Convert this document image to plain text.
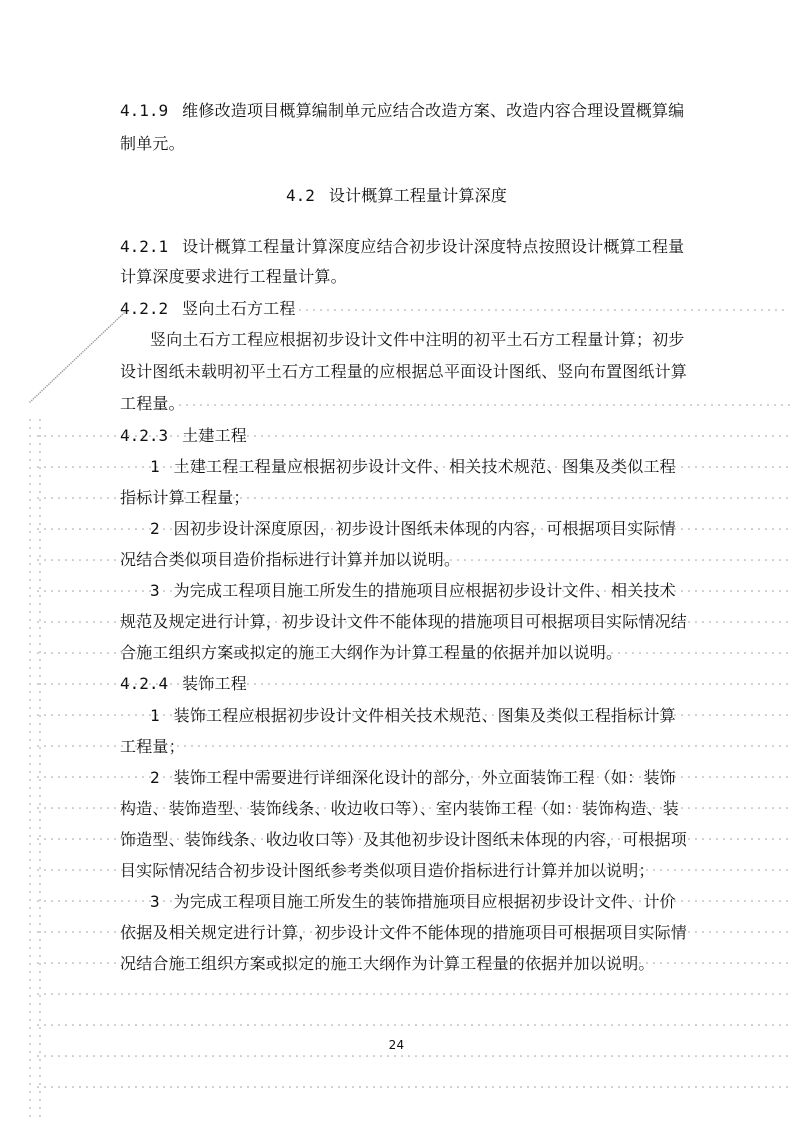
4.1.9 维修改造项目概算编制单元应结合改造方案、改造内容合理设置概算编
制单元。
4.2 设计概算工程量计算深度
4.2.1 设计概算工程量计算深度应结合初步设计深度特点按照设计概算工程量
计算深度要求进行工程量计算。
4.2.2 竖向土石方工程
竖向土石方工程应根据初步设计文件中注明的初平土石方工程量计算；初步
设计图纸未载明初平土石方工程量的应根据总平面设计图纸、竖向布置图纸计算
工程量。
4.2.3 土建工程
1 土建工程工程量应根据初步设计文件、相关技术规范、图集及类似工程
指标计算工程量；
2 因初步设计深度原因，初步设计图纸未体现的内容，可根据项目实际情
况结合类似项目造价指标进行计算并加以说明。
3 为完成工程项目施工所发生的措施项目应根据初步设计文件、相关技术
规范及规定进行计算，初步设计文件不能体现的措施项目可根据项目实际情况结
合施工组织方案或拟定的施工大纲作为计算工程量的依据并加以说明。
4.2.4 装饰工程
1 装饰工程应根据初步设计文件相关技术规范、图集及类似工程指标计算
工程量；
2 装饰工程中需要进行详细深化设计的部分，外立面装饰工程（如：装饰
构造、装饰造型、装饰线条、收边收口等）、室内装饰工程（如：装饰构造、装
饰造型、装饰线条、收边收口等）及其他初步设计图纸未体现的内容，可根据项
目实际情况结合初步设计图纸参考类似项目造价指标进行计算并加以说明；
3 为完成工程项目施工所发生的装饰措施项目应根据初步设计文件、计价
依据及相关规定进行计算，初步设计文件不能体现的措施项目可根据项目实际情
况结合施工组织方案或拟定的施工大纲作为计算工程量的依据并加以说明。
24
